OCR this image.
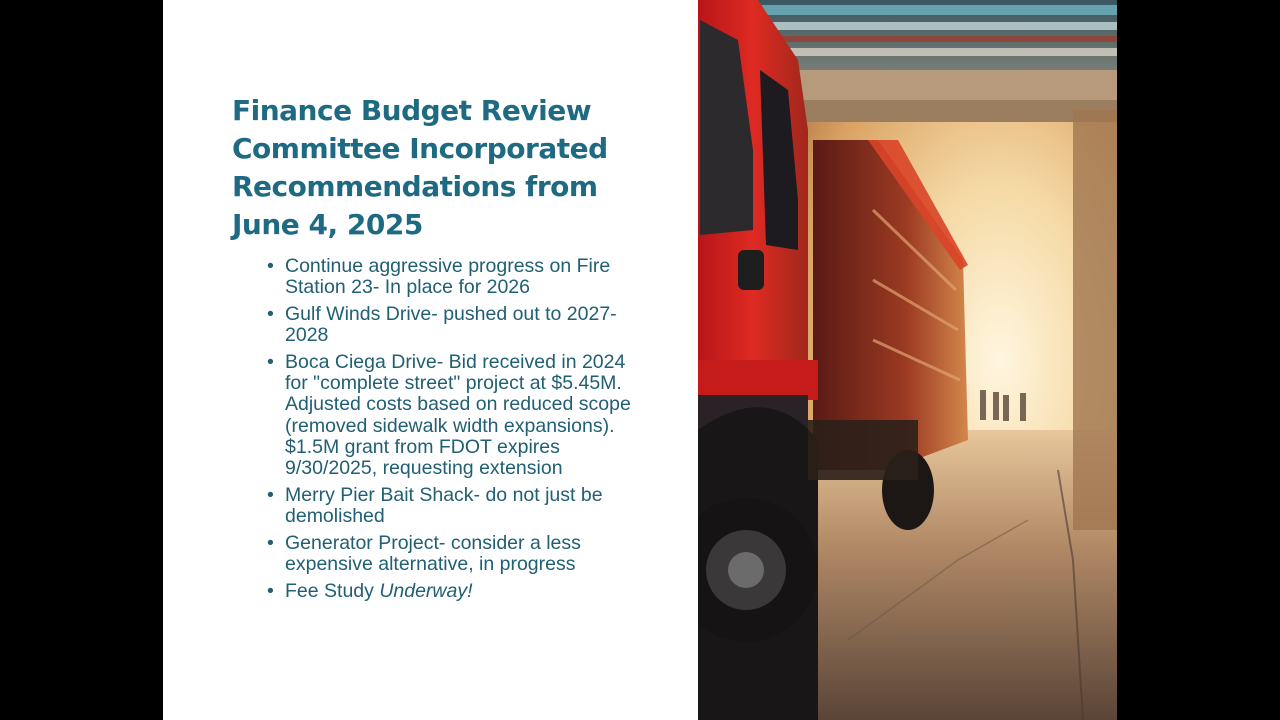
Finance Budget Review Committee Incorporated Recommendations from June 4, 2025
• Continue aggressive progress on Fire Station 23- In place for 2026
• Gulf Winds Drive- pushed out to 2027-2028
• Boca Ciega Drive- Bid received in 2024 for "complete street" project at $5.45M. Adjusted costs based on reduced scope (removed sidewalk width expansions). $1.5M grant from FDOT expires 9/30/2025, requesting extension
• Merry Pier Bait Shack- do not just be demolished
• Generator Project- consider a less expensive alternative, in progress
• Fee Study Underway!
